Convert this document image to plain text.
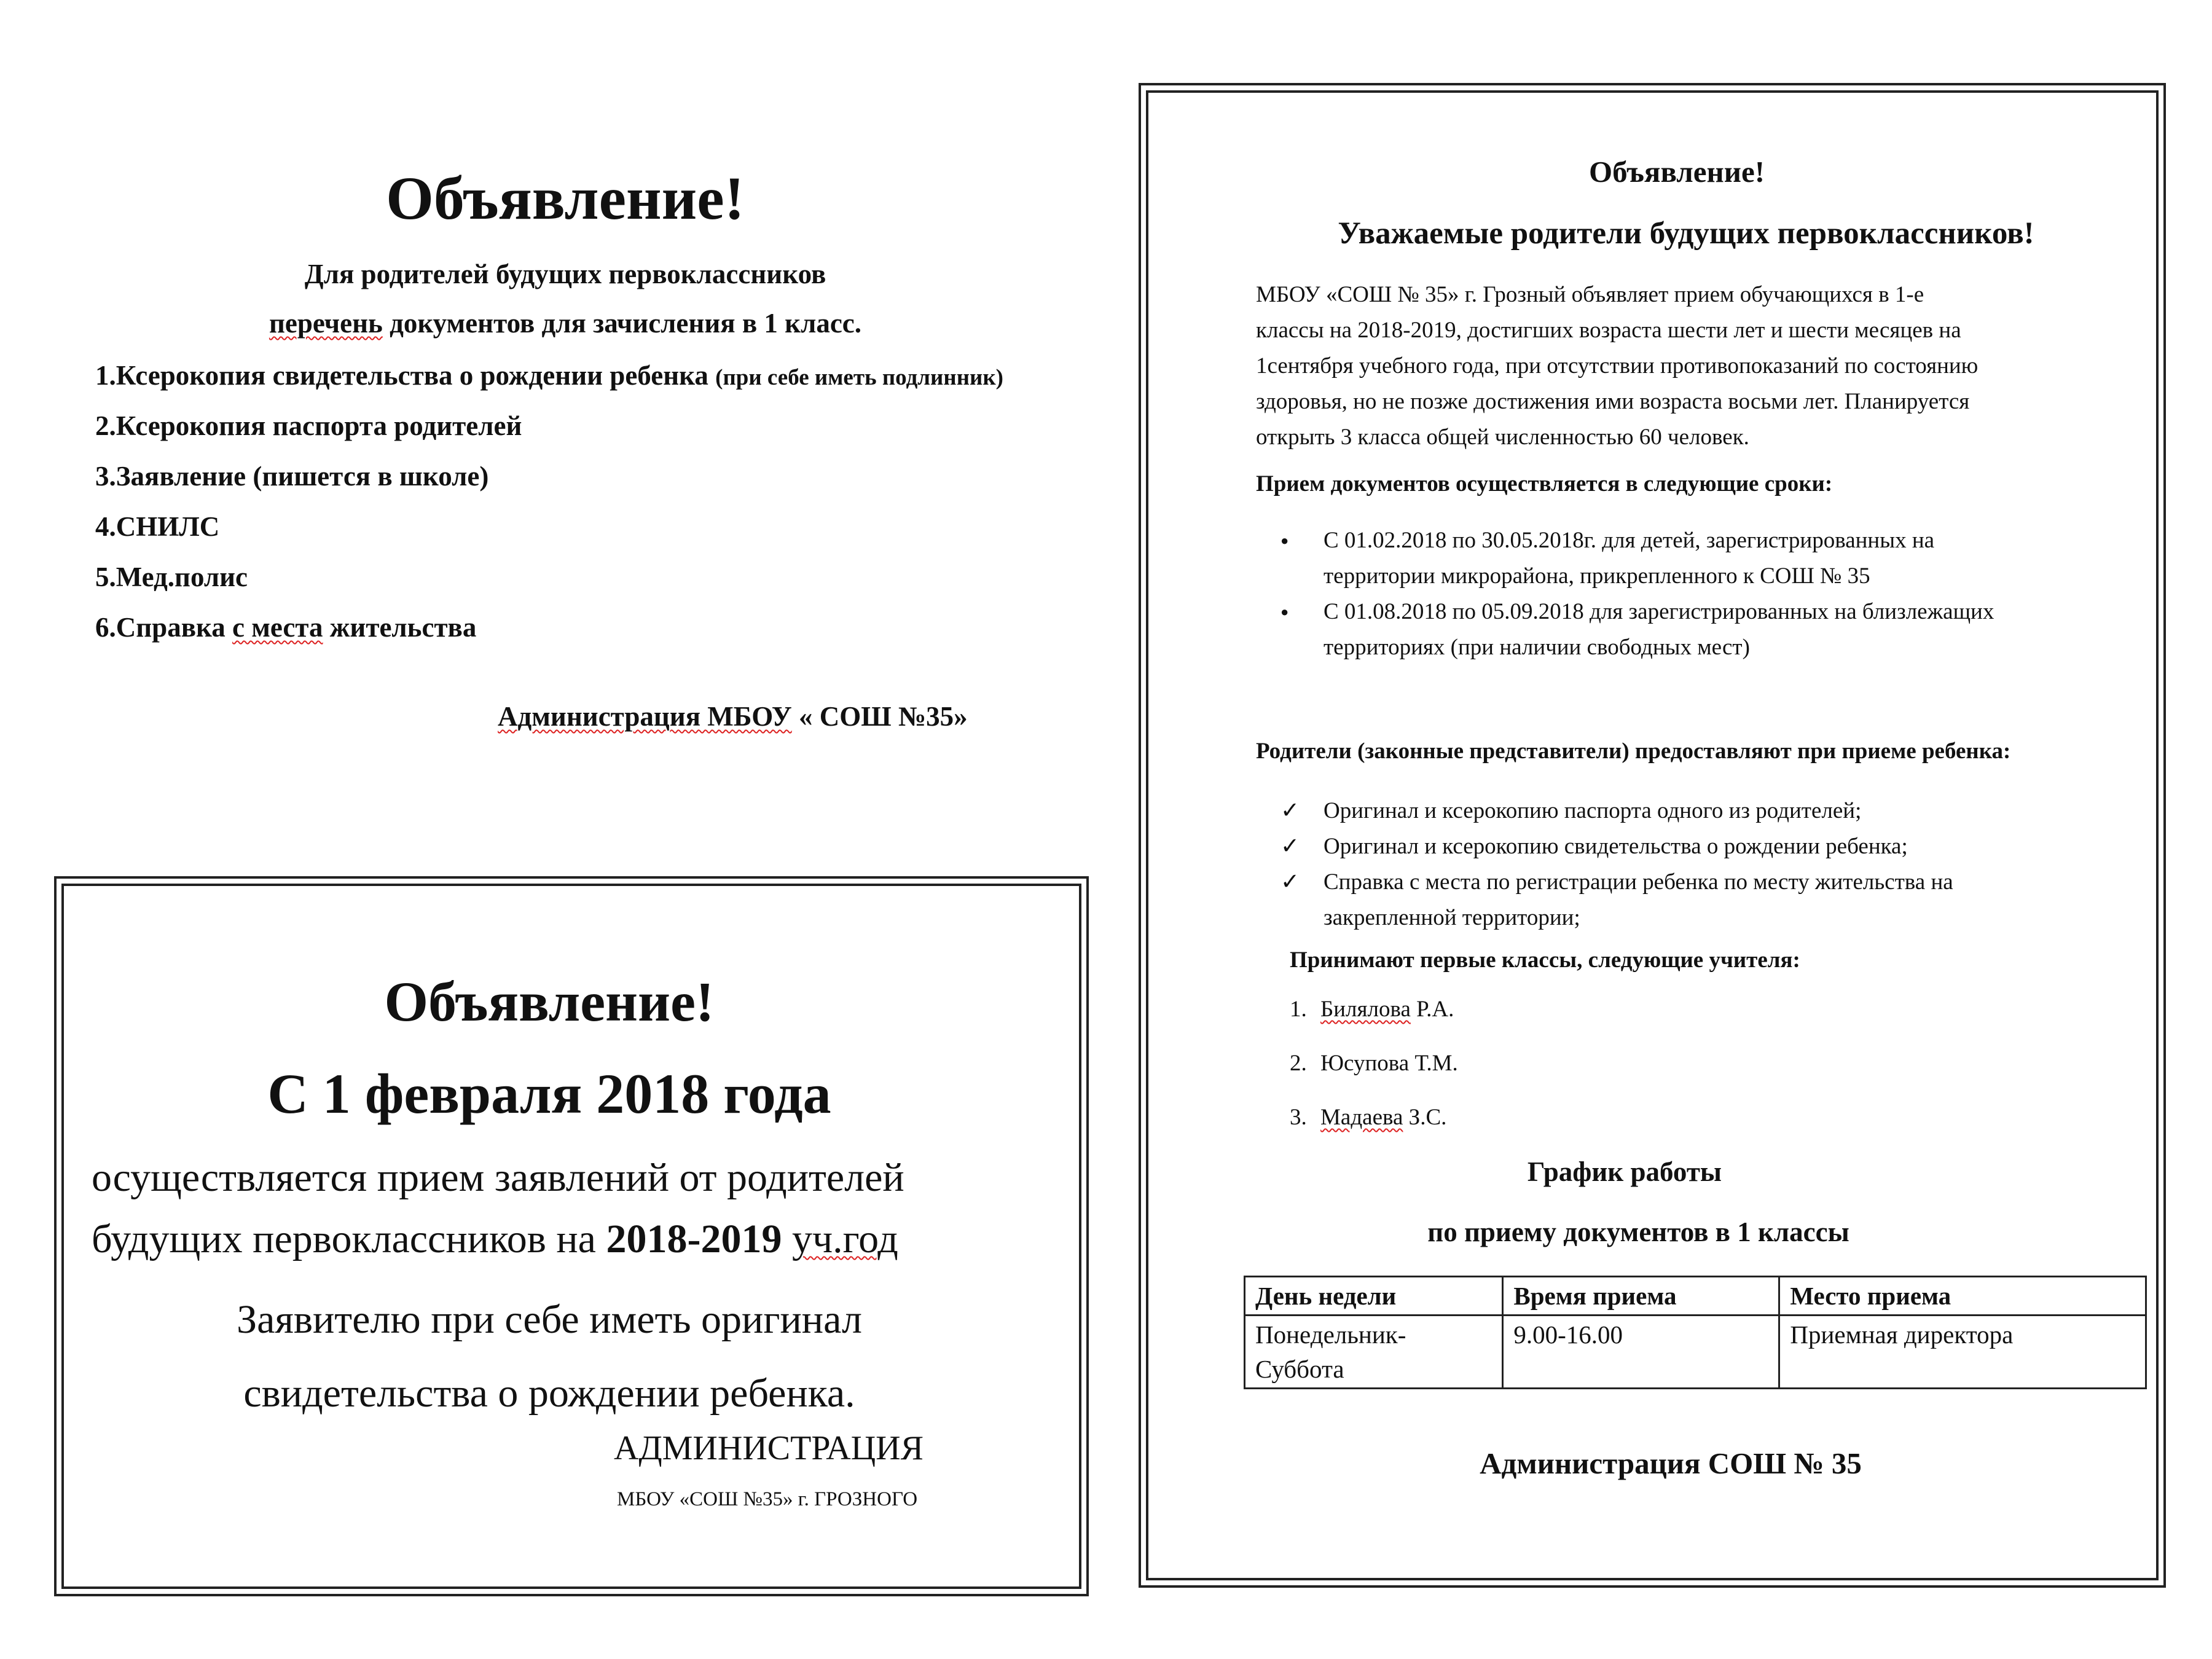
Объявление!
Для родителей будущих первоклассников
перечень документов для зачисления в 1 класс.
1.Ксерокопия свидетельства о рождении ребенка (при себе иметь подлинник)
2.Ксерокопия паспорта родителей
3.Заявление (пишется в школе)
4.СНИЛС
5.Мед.полис
6.Справка с места жительства
Администрация МБОУ « СОШ №35»
Объявление!
С 1 февраля 2018 года
осуществляется прием заявлений от родителей
будущих первоклассников на 2018-2019 уч.год
Заявителю при себе иметь оригинал
свидетельства о рождении ребенка.
АДМИНИСТРАЦИЯ
МБОУ «СОШ №35» г. ГРОЗНОГО
Объявление!
Уважаемые родители будущих первоклассников!
МБОУ «СОШ № 35» г. Грозный объявляет прием обучающихся в 1-е
классы на 2018-2019, достигших возраста шести лет и шести месяцев на
1сентября учебного года, при отсутствии противопоказаний по состоянию
здоровья, но не позже достижения ими возраста восьми лет. Планируется
открыть 3 класса общей численностью 60 человек.
Прием документов осуществляется в следующие сроки:
● С 01.02.2018 по 30.05.2018г. для детей, зарегистрированных на
территории микрорайона, прикрепленного к СОШ № 35
● С 01.08.2018 по 05.09.2018 для зарегистрированных на близлежащих
территориях (при наличии свободных мест)
Родители (законные представители) предоставляют при приеме ребенка:
✓ Оригинал и ксерокопию паспорта одного из родителей;
✓ Оригинал и ксерокопию свидетельства о рождении ребенка;
✓ Справка с места по регистрации ребенка по месту жительства на
закрепленной территории;
Принимают первые классы, следующие учителя:
1. Билялова Р.А.
2. Юсупова Т.М.
3. Мадаева З.С.
График работы
по приему документов в 1 классы
День недели	Время приема	Место приема

Понедельник-
Суббота	9.00-16.00	Приемная директора
Администрация СОШ № 35
